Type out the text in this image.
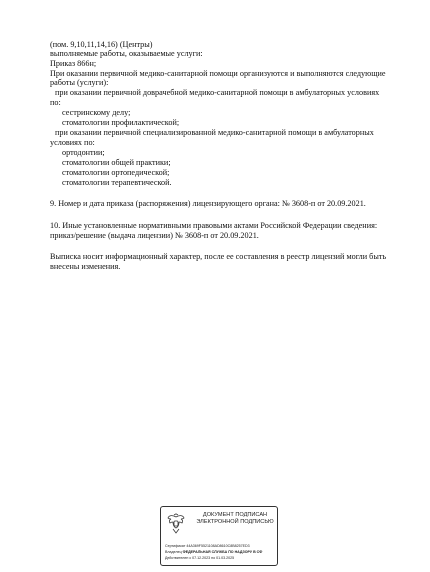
(пом. 9,10,11,14,16) (Центры)
выполняемые работы, оказываемые услуги:
Приказ 866н;
При оказании первичной медико-санитарной помощи организуются и выполняются следующие
работы (услуги):
при оказании первичной доврачебной медико-санитарной помощи в амбулаторных условиях
по:
сестринскому делу;
стоматологии профилактической;
при оказании первичной специализированной медико-санитарной помощи в амбулаторных
условиях по:
ортодонтии;
стоматологии общей практики;
стоматологии ортопедической;
стоматологии терапевтической.
9. Номер и дата приказа (распоряжения) лицензирующего органа: № 3608-п от 20.09.2021.
10. Иные установленные нормативными правовыми актами Российской Федерации сведения:
приказ/решение (выдача лицензии) № 3608-п от 20.09.2021.
Выписка носит информационный характер, после ее составления в реестр лицензий могли быть
внесены изменения.
ДОКУМЕНТ ПОДПИСАН
ЭЛЕКТРОННОЙ ПОДПИСЬЮ
Сертификат 44A369F5521108AD8610C8B8257ED3
Владелец ФЕДЕРАЛЬНАЯ СЛУЖБА ПО НАДЗОРУ В СФ
Действителен с 07.12.2023 по 01.03.2025
